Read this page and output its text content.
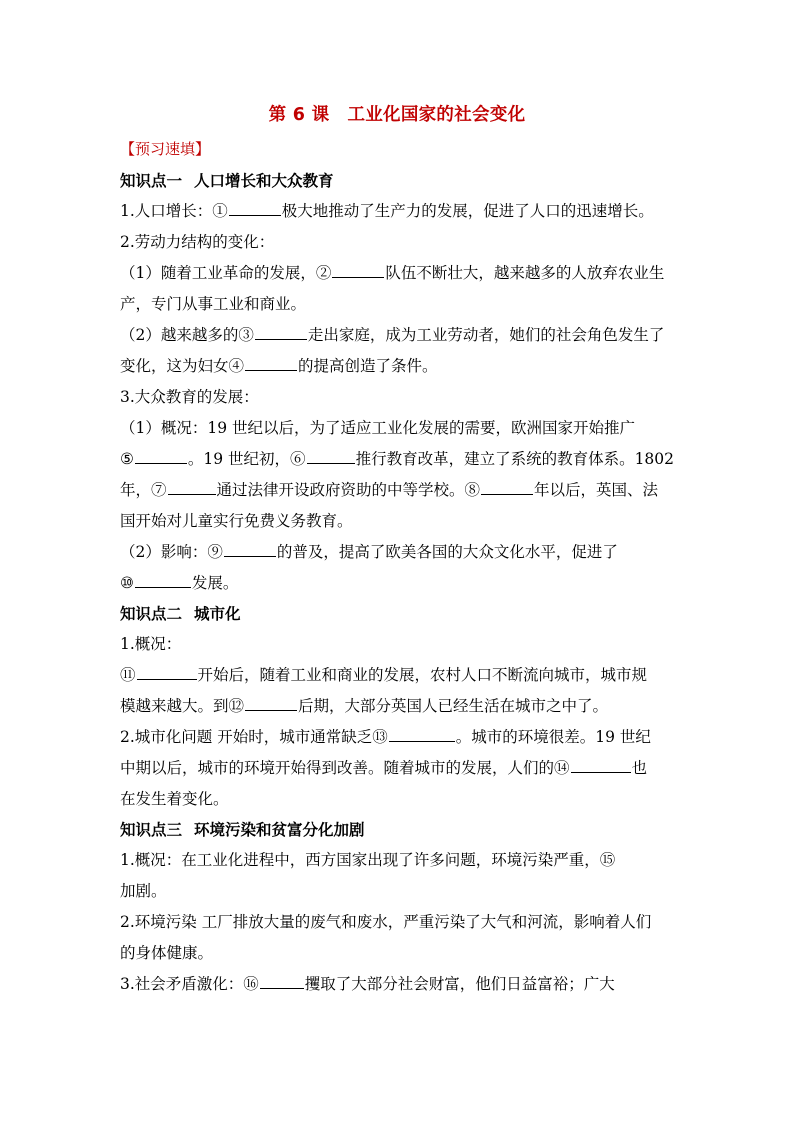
第 6 课 工业化国家的社会变化
【预习速填】
知识点一 人口增长和大众教育
1.人口增长：①	极大地推动了生产力的发展，促进了人口的迅速增长。
2.劳动力结构的变化：
（1）随着工业革命的发展，②	队伍不断壮大，越来越多的人放弃农业生
产，专门从事工业和商业。
（2）越来越多的③	走出家庭，成为工业劳动者，她们的社会角色发生了
变化，这为妇女④	的提高创造了条件。
3.大众教育的发展：
（1）概况：19 世纪以后，为了适应工业化发展的需要，欧洲国家开始推广
⑤	。19 世纪初，⑥	推行教育改革，建立了系统的教育体系。1802
年，⑦	通过法律开设政府资助的中等学校。⑧	年以后，英国、法
国开始对儿童实行免费义务教育。
（2）影响：⑨	的普及，提高了欧美各国的大众文化水平，促进了
⑩	发展。
知识点二 城市化
1.概况：
⑪	开始后，随着工业和商业的发展，农村人口不断流向城市，城市规
模越来越大。到⑫	后期，大部分英国人已经生活在城市之中了。
2.城市化问题 开始时，城市通常缺乏⑬	。城市的环境很差。19 世纪
中期以后，城市的环境开始得到改善。随着城市的发展，人们的⑭	也
在发生着变化。
知识点三 环境污染和贫富分化加剧
1.概况：在工业化进程中，西方国家出现了许多问题，环境污染严重，⑮
加剧。
2.环境污染 工厂排放大量的废气和废水，严重污染了大气和河流，影响着人们
的身体健康。
3.社会矛盾激化：⑯	攫取了大部分社会财富，他们日益富裕；广大
